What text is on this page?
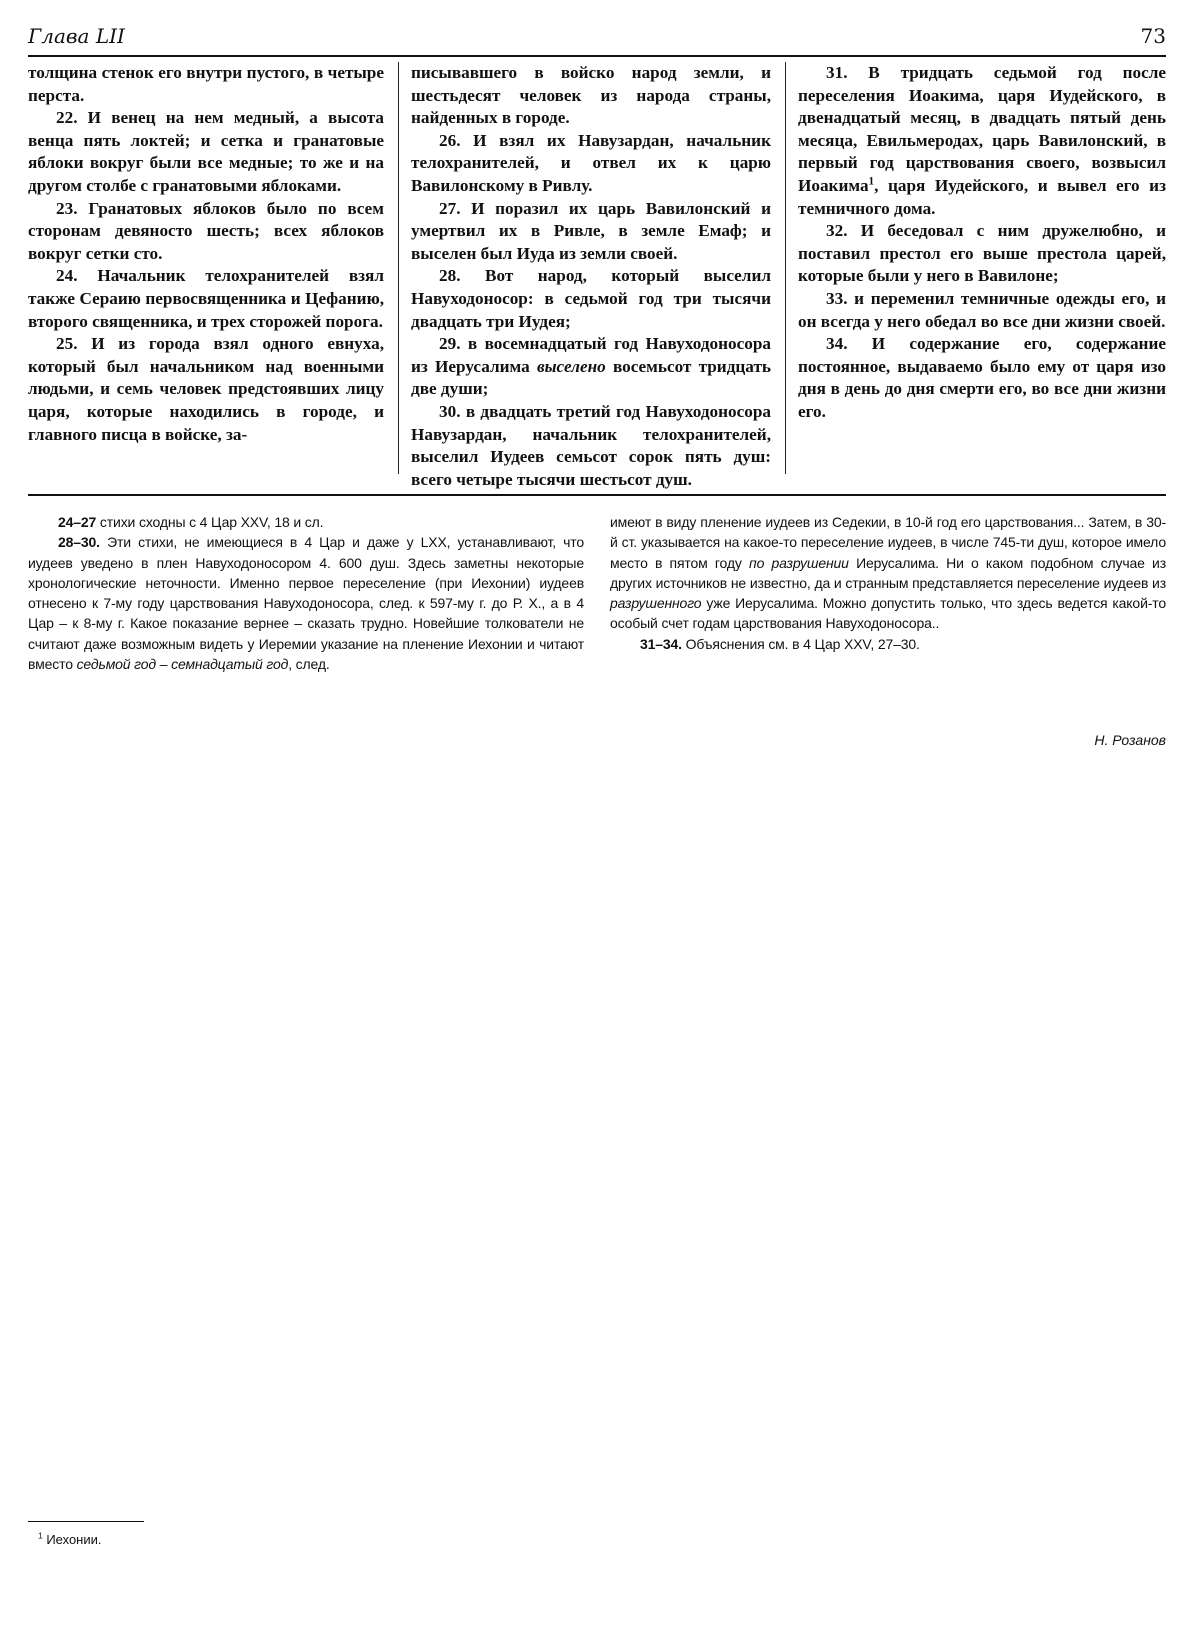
Глава LII	73

толщина стенок его внутри пустого, в четыре перста.

22. И венец на нем медный, а высота венца пять локтей; и сетка и гранатовые яблоки вокруг были все медные; то же и на другом столбе с гранатовыми яблоками.

23. Гранатовых яблоков было по всем сторонам девяносто шесть; всех яблоков вокруг сетки сто.

24. Начальник телохранителей взял также Сераию первосвященника и Цефанию, второго священника, и трех сторожей порога.

25. И из города взял одного евнуха, который был начальником над военными людьми, и семь человек предстоявших лицу царя, которые находились в городе, и главного писца в войске, за-

писывавшего в войско народ земли, и шестьдесят человек из народа страны, найденных в городе.

26. И взял их Навузардан, начальник телохранителей, и отвел их к царю Вавилонскому в Ривлу.

27. И поразил их царь Вавилонский и умертвил их в Ривле, в земле Емаф; и выселен был Иуда из земли своей.

28. Вот народ, который выселил Навуходоносор: в седьмой год три тысячи двадцать три Иудея;

29. в восемнадцатый год Навуходоносора из Иерусалима выселено восемьсот тридцать две души;

30. в двадцать третий год Навуходоносора Навузардан, начальник телохранителей, выселил Иудеев семьсот сорок пять душ: всего четыре тысячи шестьсот душ.

31. В тридцать седьмой год после переселения Иоакима, царя Иудейского, в двенадцатый месяц, в двадцать пятый день месяца, Евильмеродах, царь Вавилонский, в первый год царствования своего, возвысил Иоакима$^1$, царя Иудейского, и вывел его из темничного дома.

32. И беседовал с ним дружелюбно, и поставил престол его выше престола царей, которые были у него в Вавилоне;

33. и переменил темничные одежды его, и он всегда у него обедал во все дни жизни своей.

34. И содержание его, содержание постоянное, выдаваемо было ему от царя изо дня в день до дня смерти его, во все дни жизни его.

24–27 стихи сходны с 4 Цар XXV, 18 и сл.

28–30. Эти стихи, не имеющиеся в 4 Цар и даже у LXX, устанавливают, что иудеев уведено в плен Навуходоносором 4. 600 душ. Здесь заметны некоторые хронологические неточности. Именно первое переселение (при Иехонии) иудеев отнесено к 7-му году царствования Навуходоносора, след. к 597-му г. до Р. Х., а в 4 Цар – к 8-му г. Какое показание вернее – сказать трудно. Новейшие толкователи не считают даже возможным видеть у Иеремии указание на пленение Иехонии и читают вместо седьмой год – семнадцатый год, след.

имеют в виду пленение иудеев из Седекии, в 10-й год его царствования... Затем, в 30-й ст. указывается на какое-то переселение иудеев, в числе 745-ти душ, которое имело место в пятом году по разрушении Иерусалима. Ни о каком подобном случае из других источников не известно, да и странным представляется переселение иудеев из разрушенного уже Иерусалима. Можно допустить только, что здесь ведется какой-то особый счет годам царствования Навуходоносора..

31–34. Объяснения см. в 4 Цар XXV, 27–30.

Н. Розанов
$^1$ Иехонии.
